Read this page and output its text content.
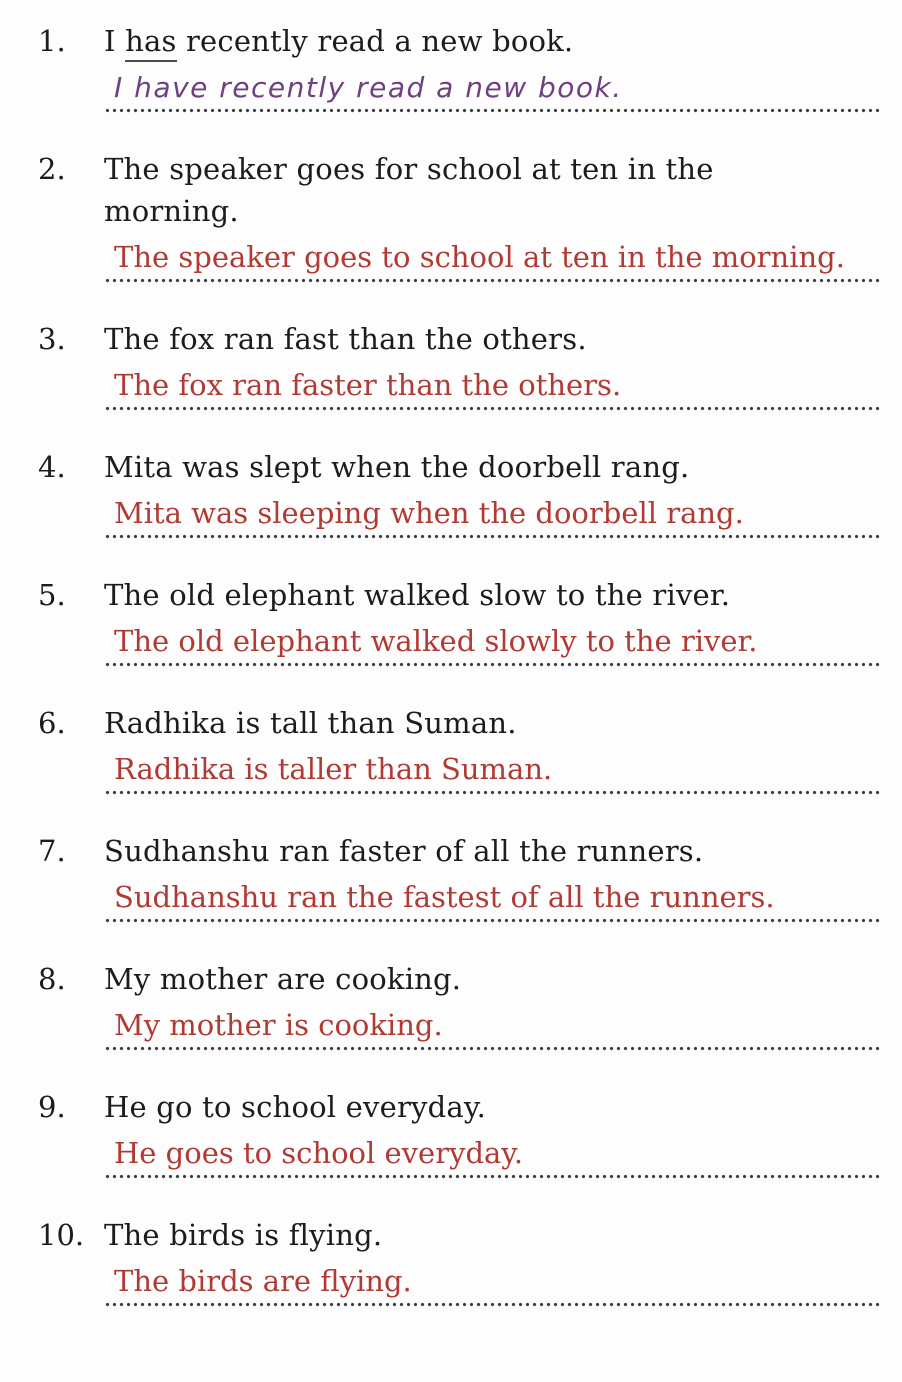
1.	I has recently read a new book.
I have recently read a new book.
2.	The speaker goes for school at ten in the
morning.
The speaker goes to school at ten in the morning.
3.	The fox ran fast than the others.
The fox ran faster than the others.
4.	Mita was slept when the doorbell rang.
Mita was sleeping when the doorbell rang.
5.	The old elephant walked slow to the river.
The old elephant walked slowly to the river.
6.	Radhika is tall than Suman.
Radhika is taller than Suman.
7.	Sudhanshu ran faster of all the runners.
Sudhanshu ran the fastest of all the runners.
8.	My mother are cooking.
My mother is cooking.
9.	He go to school everyday.
He goes to school everyday.
10. The birds is flying.
The birds are flying.
